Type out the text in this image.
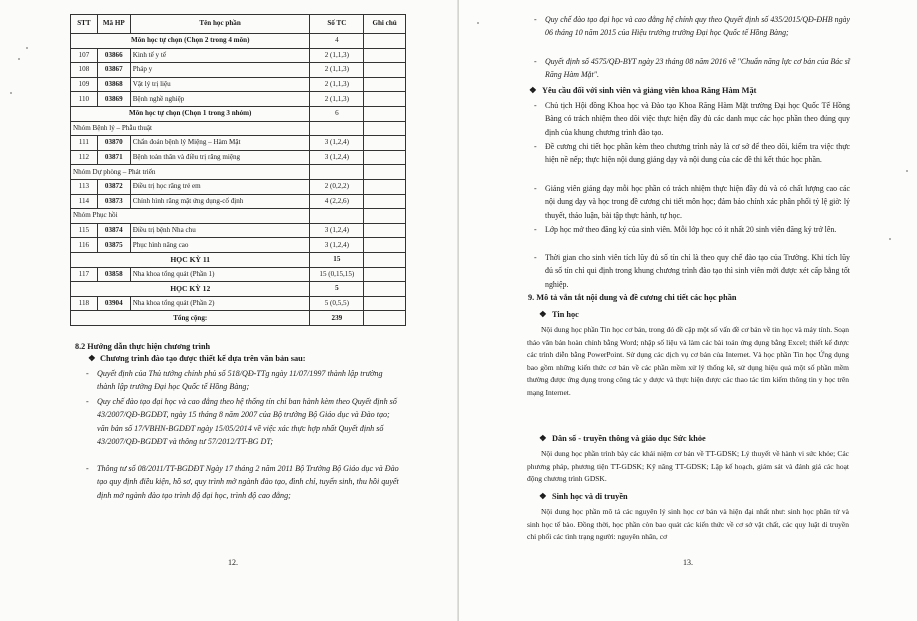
STT	Mã HP	Tên học phần	Số TC	Ghi chú
Môn học tự chọn (Chọn 2 trong 4 môn)			4	
107	03866	Kinh tế y tế	2 (1,1,3)	
108	03867	Pháp y	2 (1,1,3)	
109	03868	Vật lý trị liệu	2 (1,1,3)	
110	03869	Bệnh nghề nghiệp	2 (1,1,3)	
Môn học tự chọn (Chọn 1 trong 3 nhóm)			6	
Nhóm Bệnh lý – Phẫu thuật				
111	03870	Chẩn đoán bệnh lý Miệng – Hàm Mặt	3 (1,2,4)	
112	03871	Bệnh toàn thân và điều trị răng miệng	3 (1,2,4)	
Nhóm Dự phòng – Phát triển				
113	03872	Điều trị học răng trẻ em	2 (0,2,2)	
114	03873	Chỉnh hình răng mặt ứng dụng-cố định	4 (2,2,6)	
Nhóm Phục hồi				
115	03874	Điều trị bệnh Nha chu	3 (1,2,4)	
116	03875	Phục hình nâng cao	3 (1,2,4)	
HỌC KỲ 11			15	
117	03858	Nha khoa tổng quát (Phần 1)	15 (0,15,15)	
HỌC KỲ 12			5	
118	03904	Nha khoa tổng quát (Phần 2)	5 (0,5,5)	
Tổng cộng:			239	
8.2 Hướng dẫn thực hiện chương trình
❖ Chương trình đào tạo được thiết kế dựa trên văn bản sau:
- Quyết định của Thủ tướng chính phủ số 518/QĐ-TTg ngày 11/07/1997 thành lập trường thành lập trường Đại học Quốc tế Hồng Bàng;
- Quy chế đào tạo đại học và cao đẳng theo hệ thống tín chỉ ban hành kèm theo Quyết định số 43/2007/QĐ-BGDĐT, ngày 15 tháng 8 năm 2007 của Bộ trưởng Bộ Giáo dục và Đào tạo; văn bản số 17/VBHN-BGDĐT ngày 15/05/2014 về việc xác thực hợp nhất Quyết định số 43/2007/QĐ-BGDĐT và thông tư 57/2012/TT-BG DT;
- Thông tư số 08/2011/TT-BGDĐT Ngày 17 tháng 2 năm 2011 Bộ Trưởng Bộ Giáo dục và Đào tạo quy định điều kiện, hồ sơ, quy trình mở ngành đào tạo, đình chỉ, tuyển sinh, thu hồi quyết định mở ngành đào tạo trình độ đại học, trình độ cao đẳng;
12.
- Quy chế đào tạo đại học và cao đẳng hệ chính quy theo Quyết định số 435/2015/QĐ-ĐHB ngày 06 tháng 10 năm 2015 của Hiệu trưởng trường Đại học Quốc tế Hồng Bàng;
- Quyết định số 4575/QĐ-BYT ngày 23 tháng 08 năm 2016 về "Chuẩn năng lực cơ bản của Bác sĩ Răng Hàm Mặt".
❖ Yêu cầu đối với sinh viên và giảng viên khoa Răng Hàm Mặt
- Chủ tịch Hội đồng Khoa học và Đào tạo Khoa Răng Hàm Mặt trường Đại học Quốc Tế Hồng Bàng có trách nhiệm theo dõi việc thực hiện đầy đủ các danh mục các học phần theo đúng quy định của khung chương trình đào tạo.
- Đề cương chi tiết học phần kèm theo chương trình này là cơ sở để theo dõi, kiểm tra việc thực hiện nề nếp; thực hiện nội dung giảng dạy và nội dung của các đề thi kết thúc học phần.
- Giảng viên giảng dạy mỗi học phần có trách nhiệm thực hiện đầy đủ và có chất lượng cao các nội dung dạy và học trong đề cương chi tiết môn học; đảm bảo chính xác phân phối tỷ lệ giờ: lý thuyết, thảo luận, bài tập thực hành, tự học.
- Lớp học mở theo đăng ký của sinh viên. Mỗi lớp học có ít nhất 20 sinh viên đăng ký trở lên.
- Thời gian cho sinh viên tích lũy đủ số tín chỉ là theo quy chế đào tạo của Trường. Khi tích lũy đủ số tín chỉ qui định trong khung chương trình đào tạo thì sinh viên mới được xét cấp bằng tốt nghiệp.
9. Mô tả vắn tắt nội dung và đề cương chi tiết các học phần
❖ Tin học
Nội dung học phần Tin học cơ bản, trong đó đề cập một số vấn đề cơ bản về tin học và máy tính. Soạn thảo văn bản hoàn chỉnh bằng Word; nhập số liệu và làm các bài toán ứng dụng bằng Excel; thiết kế được các trình diễn bằng PowerPoint. Sử dụng các dịch vụ cơ bản của Internet. Và học phần Tin học Ứng dụng bao gồm những kiến thức cơ bản về các phần mềm xử lý thống kê, sử dụng hiệu quả một số phần mềm thường được ứng dụng trong công tác y dược và thực hiện được các thao tác tìm kiếm thông tin y học trên mạng Internet.
❖ Dân số - truyền thông và giáo dục Sức khỏe
Nội dung học phần trình bày các khái niệm cơ bản về TT-GDSK; Lý thuyết về hành vi sức khỏe; Các phương pháp, phương tiện TT-GDSK; Kỹ năng TT-GDSK; Lập kế hoạch, giám sát và đánh giá các hoạt động chương trình GDSK.
❖ Sinh học và di truyền
Nội dung học phần mô tả các nguyên lý sinh học cơ bản và hiện đại nhất như: sinh học phân tử và sinh học tế bào. Đồng thời, học phần còn bao quát các kiến thức về cơ sở vật chất, các quy luật di truyền chi phối các tình trạng người: nguyên nhân, cơ
13.
